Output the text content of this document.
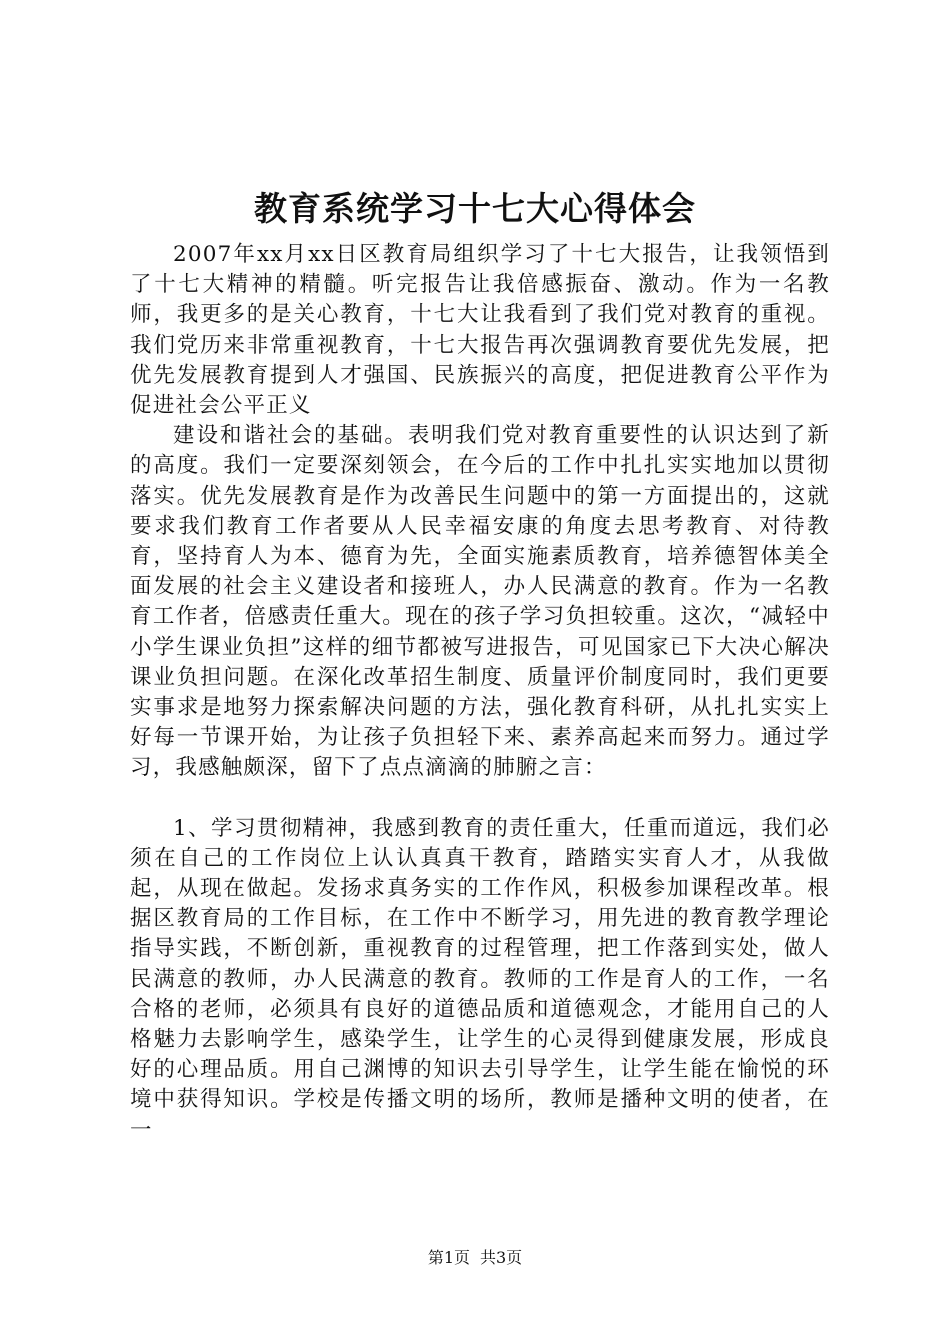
教育系统学习十七大心得体会

2007年xx月xx日区教育局组织学习了十七大报告，让我领悟到了十七大精神的精髓。听完报告让我倍感振奋、激动。作为一名教师，我更多的是关心教育，十七大让我看到了我们党对教育的重视。我们党历来非常重视教育，十七大报告再次强调教育要优先发展，把优先发展教育提到人才强国、民族振兴的高度，把促进教育公平作为促进社会公平正义

建设和谐社会的基础。表明我们党对教育重要性的认识达到了新的高度。我们一定要深刻领会，在今后的工作中扎扎实实地加以贯彻落实。优先发展教育是作为改善民生问题中的第一方面提出的，这就要求我们教育工作者要从人民幸福安康的角度去思考教育、对待教育，坚持育人为本、德育为先，全面实施素质教育，培养德智体美全面发展的社会主义建设者和接班人，办人民满意的教育。作为一名教育工作者，倍感责任重大。现在的孩子学习负担较重。这次，“减轻中小学生课业负担”这样的细节都被写进报告，可见国家已下大决心解决课业负担问题。在深化改革招生制度、质量评价制度同时，我们更要实事求是地努力探索解决问题的方法，强化教育科研，从扎扎实实上好每一节课开始，为让孩子负担轻下来、素养高起来而努力。通过学习，我感触颇深，留下了点点滴滴的肺腑之言：

1、学习贯彻精神，我感到教育的责任重大，任重而道远，我们必须在自己的工作岗位上认认真真干教育，踏踏实实育人才，从我做起，从现在做起。发扬求真务实的工作作风，积极参加课程改革。根据区教育局的工作目标，在工作中不断学习，用先进的教育教学理论指导实践，不断创新，重视教育的过程管理，把工作落到实处，做人民满意的教师，办人民满意的教育。教师的工作是育人的工作，一名合格的老师，必须具有良好的道德品质和道德观念，才能用自己的人格魅力去影响学生，感染学生，让学生的心灵得到健康发展，形成良好的心理品质。用自己渊博的知识去引导学生，让学生能在愉悦的环境中获得知识。学校是传播文明的场所，教师是播种文明的使者，在一

第1页 共3页
